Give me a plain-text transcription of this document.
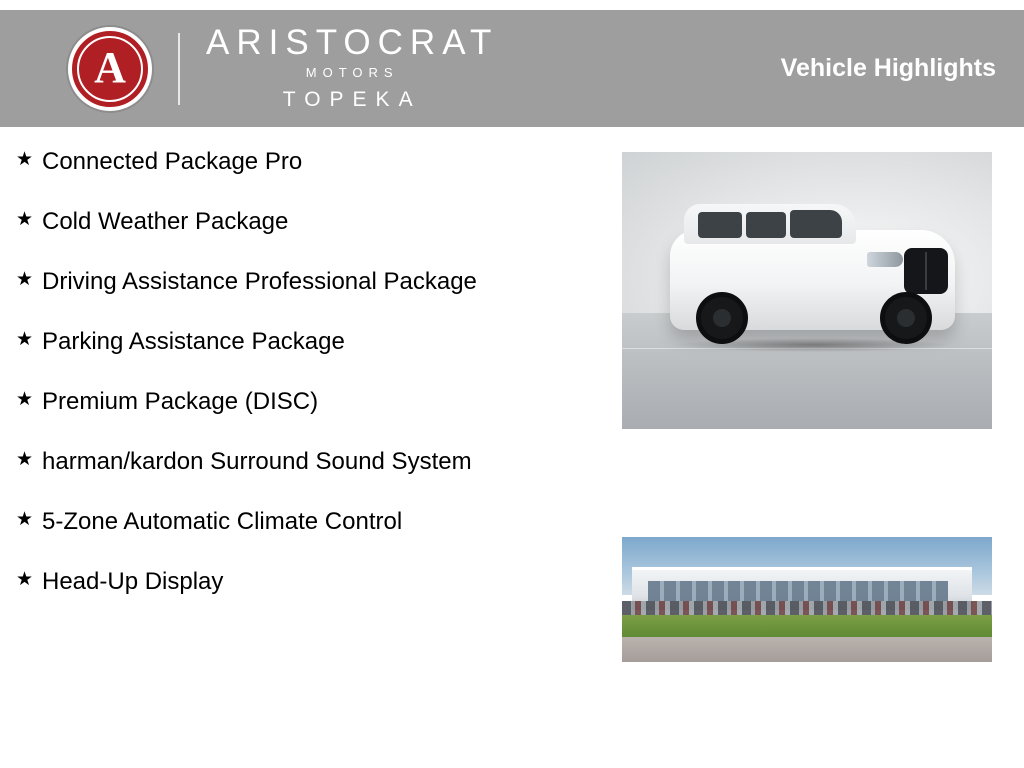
A
ARISTOCRAT
MOTORS
TOPEKA
Vehicle Highlights
★ Connected Package Pro
★ Cold Weather Package
★ Driving Assistance Professional Package
★ Parking Assistance Package
★ Premium Package (DISC)
★ harman/kardon Surround Sound System
★ 5-Zone Automatic Climate Control
★ Head-Up Display
